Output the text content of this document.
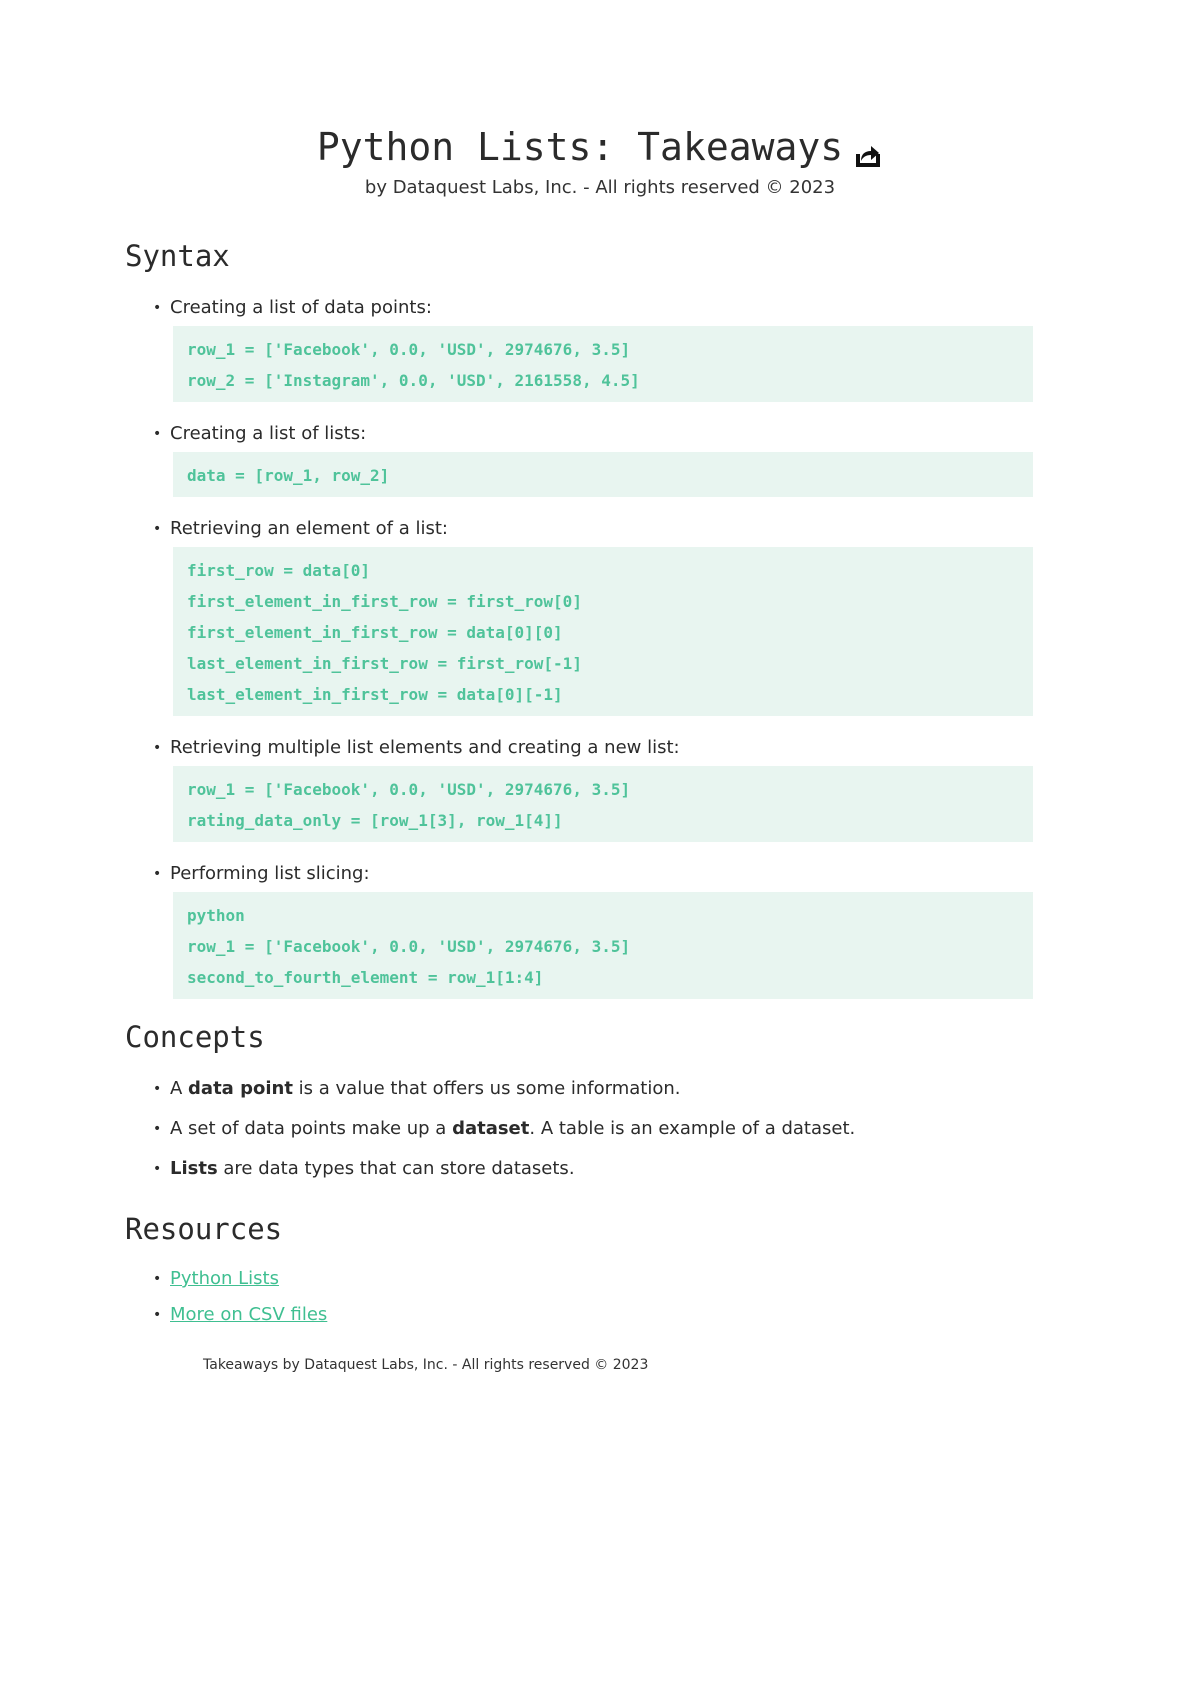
Python Lists: Takeaways
by Dataquest Labs, Inc. - All rights reserved © 2023
Syntax
• Creating a list of data points:
row_1 = ['Facebook', 0.0, 'USD', 2974676, 3.5]
row_2 = ['Instagram', 0.0, 'USD', 2161558, 4.5]
• Creating a list of lists:
data = [row_1, row_2]
• Retrieving an element of a list:
first_row = data[0]
first_element_in_first_row = first_row[0]
first_element_in_first_row = data[0][0]
last_element_in_first_row = first_row[-1]
last_element_in_first_row = data[0][-1]
• Retrieving multiple list elements and creating a new list:
row_1 = ['Facebook', 0.0, 'USD', 2974676, 3.5]
rating_data_only = [row_1[3], row_1[4]]
• Performing list slicing:
python
row_1 = ['Facebook', 0.0, 'USD', 2974676, 3.5]
second_to_fourth_element = row_1[1:4]
Concepts
• A data point is a value that offers us some information.
• A set of data points make up a dataset. A table is an example of a dataset.
• Lists are data types that can store datasets.
Resources
• Python Lists
• More on CSV files
Takeaways by Dataquest Labs, Inc. - All rights reserved © 2023
